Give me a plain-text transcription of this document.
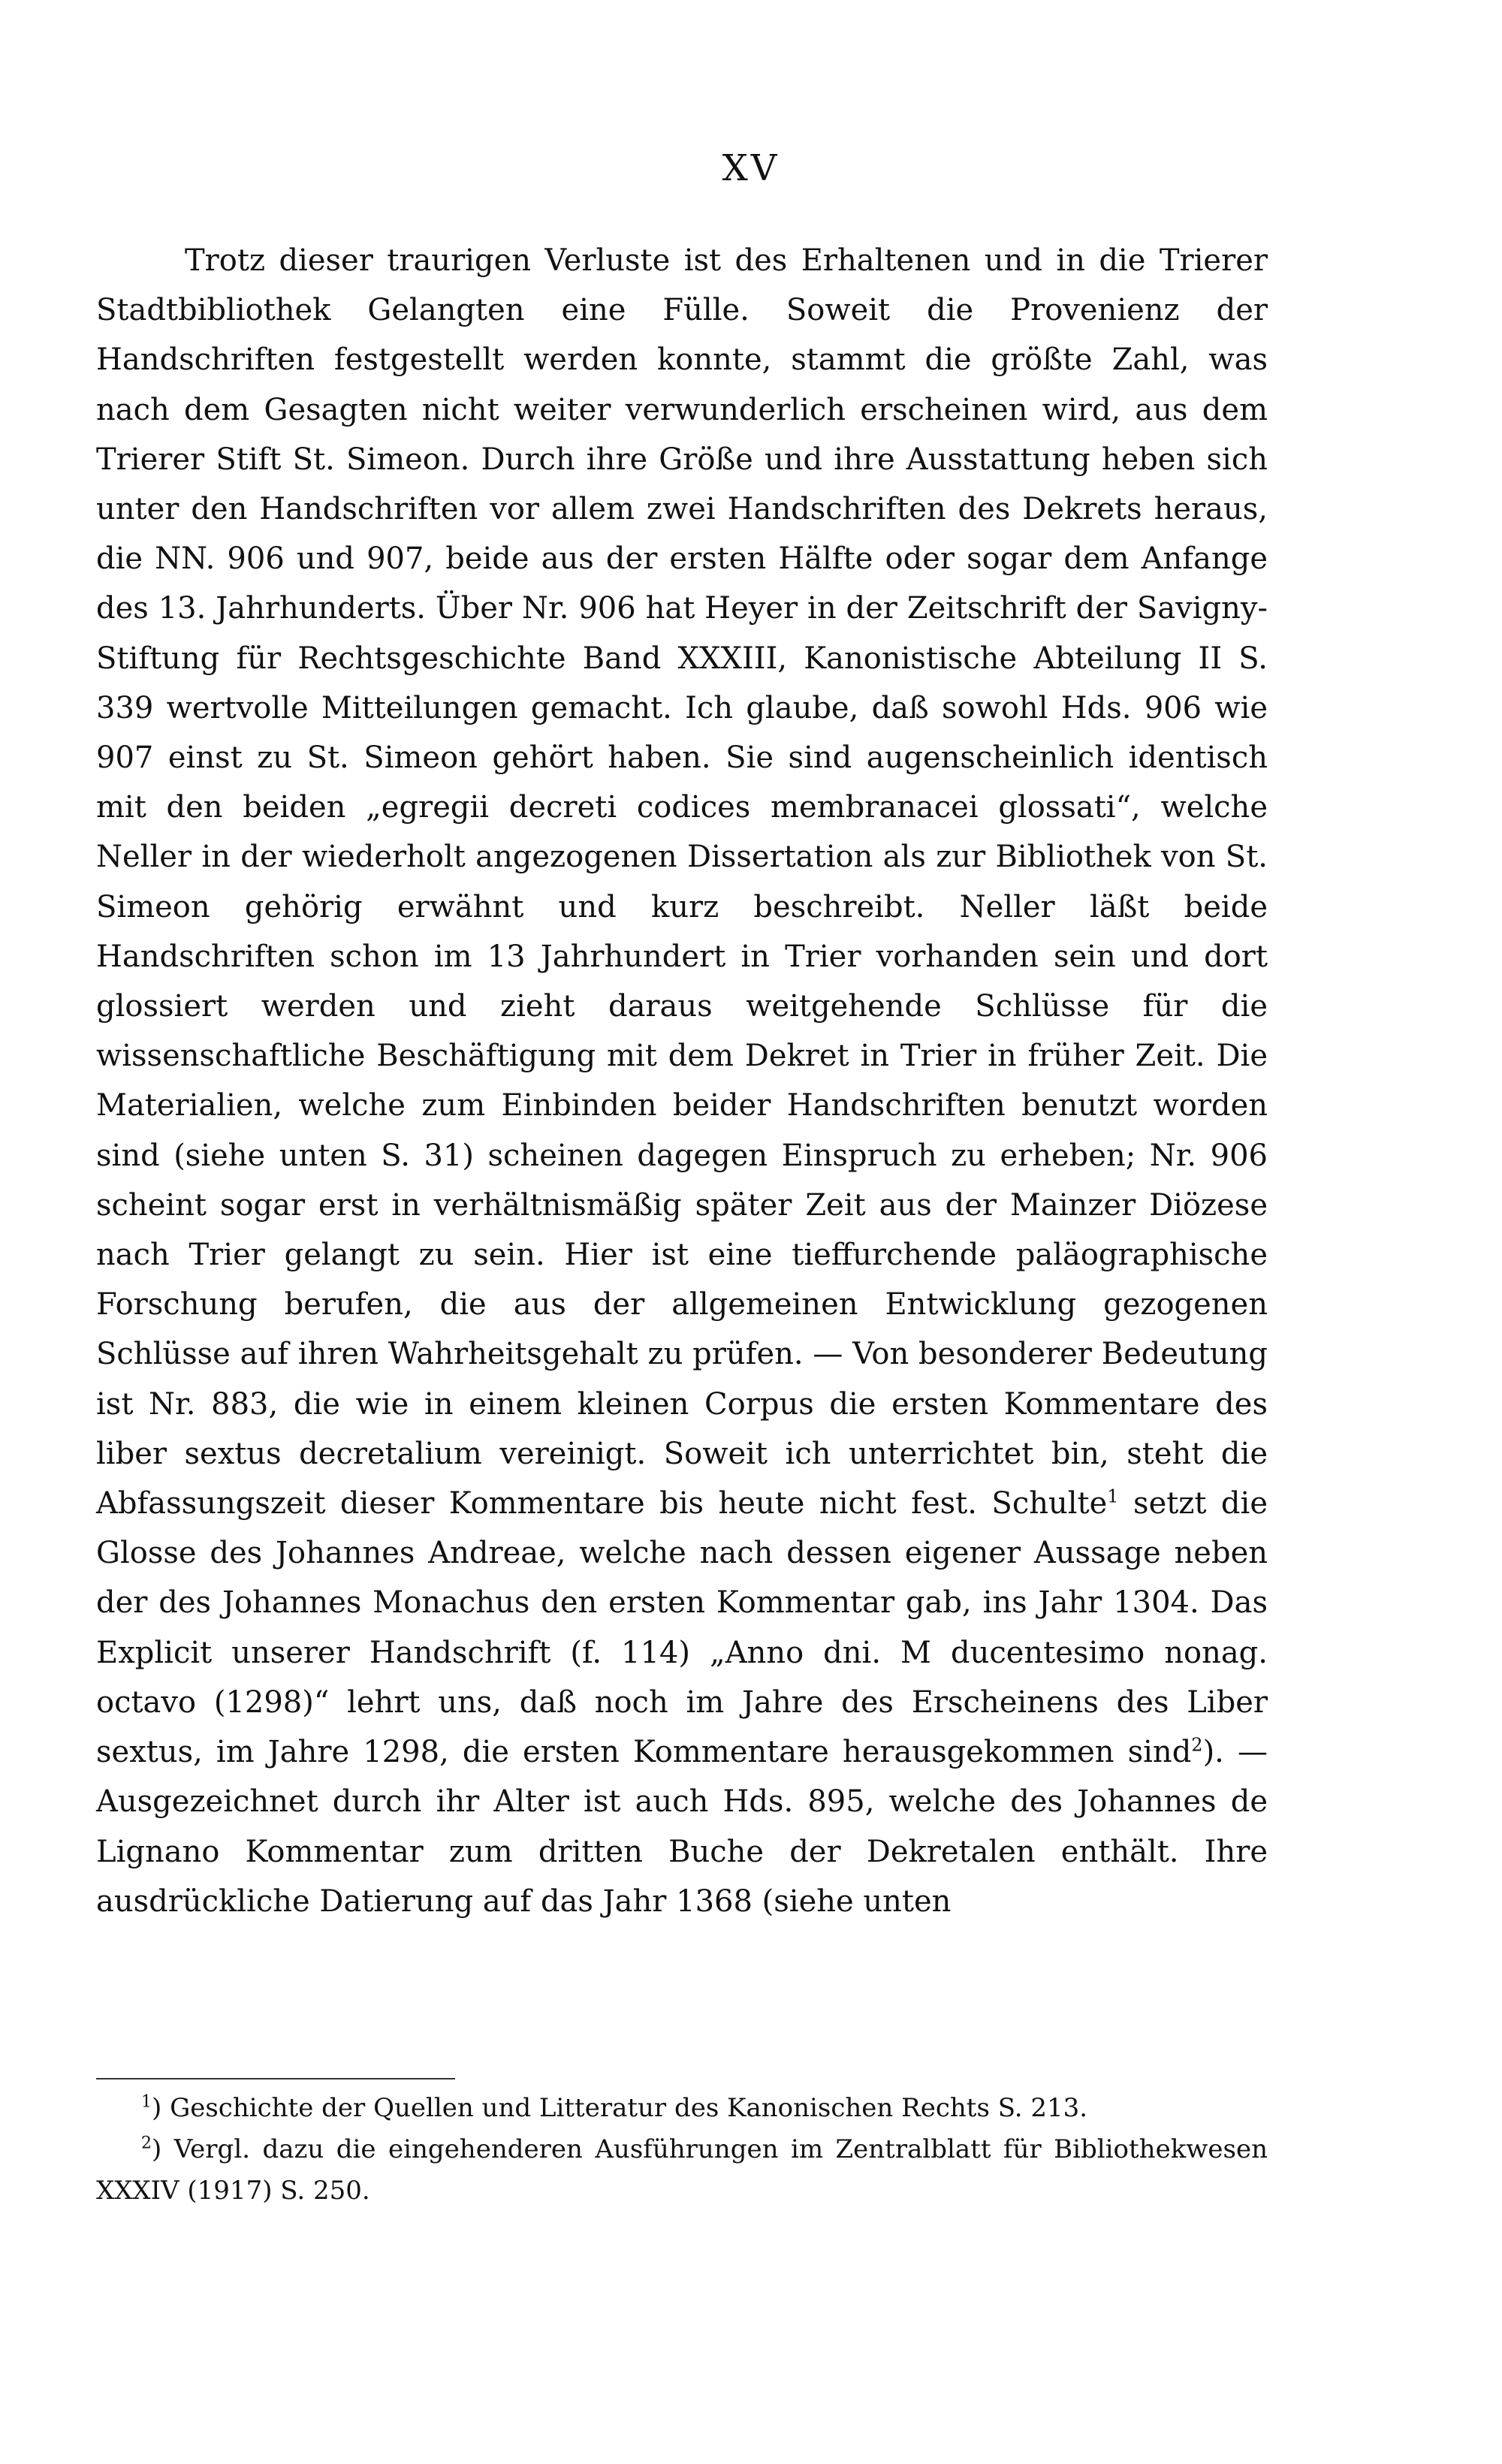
XV

Trotz dieser traurigen Verluste ist des Erhaltenen und in die Trierer Stadtbibliothek Gelangten eine Fülle. Soweit die Provenienz der Handschriften festgestellt werden konnte, stammt die größte Zahl, was nach dem Gesagten nicht weiter verwunderlich erscheinen wird, aus dem Trierer Stift St. Simeon. Durch ihre Größe und ihre Ausstattung heben sich unter den Handschriften vor allem zwei Handschriften des Dekrets heraus, die NN. 906 und 907, beide aus der ersten Hälfte oder sogar dem Anfange des 13. Jahrhunderts. Über Nr. 906 hat Heyer in der Zeitschrift der Savigny-Stiftung für Rechtsgeschichte Band XXXIII, Kanonistische Abteilung II S. 339 wertvolle Mitteilungen gemacht. Ich glaube, daß sowohl Hds. 906 wie 907 einst zu St. Simeon gehört haben. Sie sind augenscheinlich identisch mit den beiden „egregii decreti codices membranacei glossati“, welche Neller in der wiederholt angezogenen Dissertation als zur Bibliothek von St. Simeon gehörig erwähnt und kurz beschreibt. Neller läßt beide Handschriften schon im 13 Jahrhundert in Trier vorhanden sein und dort glossiert werden und zieht daraus weitgehende Schlüsse für die wissenschaftliche Beschäftigung mit dem Dekret in Trier in früher Zeit. Die Materialien, welche zum Einbinden beider Handschriften benutzt worden sind (siehe unten S. 31) scheinen dagegen Einspruch zu erheben; Nr. 906 scheint sogar erst in verhältnismäßig später Zeit aus der Mainzer Diözese nach Trier gelangt zu sein. Hier ist eine tieffurchende paläographische Forschung berufen, die aus der allgemeinen Entwicklung gezogenen Schlüsse auf ihren Wahrheitsgehalt zu prüfen. — Von besonderer Bedeutung ist Nr. 883, die wie in einem kleinen Corpus die ersten Kommentare des liber sextus decretalium vereinigt. Soweit ich unterrichtet bin, steht die Abfassungszeit dieser Kommentare bis heute nicht fest. Schulte$^1$ setzt die Glosse des Johannes Andreae, welche nach dessen eigener Aussage neben der des Johannes Monachus den ersten Kommentar gab, ins Jahr 1304. Das Explicit unserer Handschrift (f. 114) „Anno dni. M ducentesimo nonag. octavo (1298)“ lehrt uns, daß noch im Jahre des Erscheinens des Liber sextus, im Jahre 1298, die ersten Kommentare herausgekommen sind$^2$). — Ausgezeichnet durch ihr Alter ist auch Hds. 895, welche des Johannes de Lignano Kommentar zum dritten Buche der Dekretalen enthält. Ihre ausdrückliche Datierung auf das Jahr 1368 (siehe unten

$^1$) Geschichte der Quellen und Litteratur des Kanonischen Rechts S. 213.
$^2$) Vergl. dazu die eingehenderen Ausführungen im Zentralblatt für Bibliothekwesen XXXIV (1917) S. 250.
